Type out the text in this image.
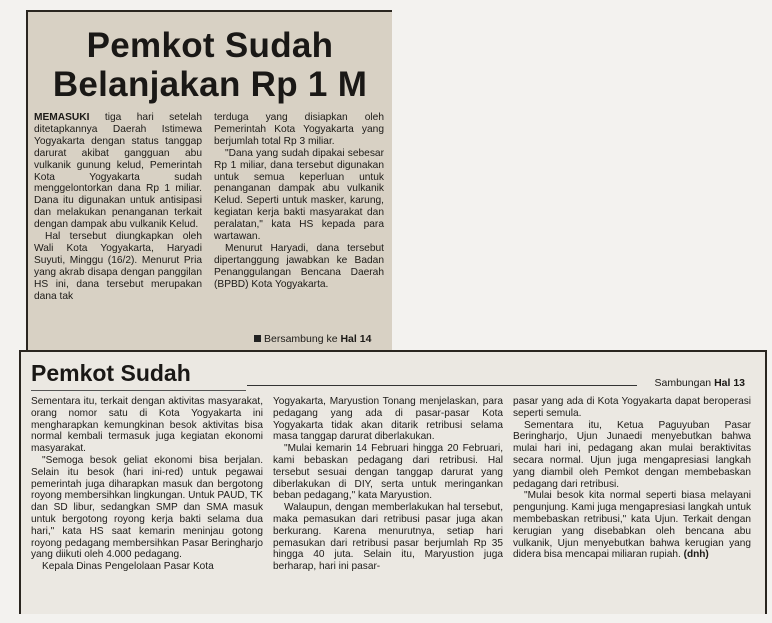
Pemkot Sudah Belanjakan Rp 1 M

MEMASUKI tiga hari setelah ditetapkannya Daerah Istimewa Yogyakarta dengan status tanggap darurat akibat gangguan abu vulkanik gunung kelud, Pemerintah Kota Yogyakarta sudah menggelontorkan dana Rp 1 miliar. Dana itu digunakan untuk antisipasi dan melakukan penanganan terkait dengan dampak abu vulkanik Kelud.

Hal tersebut diungkapkan oleh Wali Kota Yogyakarta, Haryadi Suyuti, Minggu (16/2). Menurut Pria yang akrab disapa dengan panggilan HS ini, dana tersebut merupakan dana tak

terduga yang disiapkan oleh Pemerintah Kota Yogyakarta yang berjumlah total Rp 3 miliar.

"Dana yang sudah dipakai sebesar Rp 1 miliar, dana tersebut digunakan untuk semua keperluan untuk penanganan dampak abu vulkanik Kelud. Seperti untuk masker, karung, kegiatan kerja bakti masyarakat dan peralatan," kata HS kepada para wartawan.

Menurut Haryadi, dana tersebut dipertanggung jawabkan ke Badan Penanggulangan Bencana Daerah (BPBD) Kota Yogyakarta.

Bersambung ke Hal 14
Pemkot Sudah	Sambungan Hal 13

Sementara itu, terkait dengan aktivitas masyarakat, orang nomor satu di Kota Yogyakarta ini mengharapkan kemungkinan besok aktivitas bisa normal kembali termasuk juga kegiatan ekonomi masyarakat.

"Semoga besok geliat ekonomi bisa berjalan. Selain itu besok (hari ini-red) untuk pegawai pemerintah juga diharapkan masuk dan bergotong royong membersihkan lingkungan. Untuk PAUD, TK dan SD libur, sedangkan SMP dan SMA masuk untuk bergotong royong kerja bakti selama dua hari," kata HS saat kemarin meninjau gotong royong pedagang membersihkan Pasar Beringharjo yang diikuti oleh 4.000 pedagang.

Kepala Dinas Pengelolaan Pasar Kota

Yogyakarta, Maryustion Tonang menjelaskan, para pedagang yang ada di pasar-pasar Kota Yogyakarta tidak akan ditarik retribusi selama masa tanggap darurat diberlakukan.

"Mulai kemarin 14 Februari hingga 20 Februari, kami bebaskan pedagang dari retribusi. Hal tersebut sesuai dengan tanggap darurat yang diberlakukan di DIY, serta untuk meringankan beban pedagang," kata Maryustion.

Walaupun, dengan memberlakukan hal tersebut, maka pemasukan dari retribusi pasar juga akan berkurang. Karena menurutnya, setiap hari pemasukan dari retribusi pasar berjumlah Rp 35 hingga 40 juta. Selain itu, Maryustion juga berharap, hari ini pasar-

pasar yang ada di Kota Yogyakarta dapat beroperasi seperti semula.

Sementara itu, Ketua Paguyuban Pasar Beringharjo, Ujun Junaedi menyebutkan bahwa mulai hari ini, pedagang akan mulai beraktivitas secara normal. Ujun juga mengapresiasi langkah yang diambil oleh Pemkot dengan membebaskan pedagang dari retribusi.

"Mulai besok kita normal seperti biasa melayani pengunjung. Kami juga mengapresiasi langkah untuk membebaskan retribusi," kata Ujun. Terkait dengan kerugian yang disebabkan oleh bencana abu vulkanik, Ujun menyebutkan bahwa kerugian yang didera bisa mencapai miliaran rupiah. (dnh)
